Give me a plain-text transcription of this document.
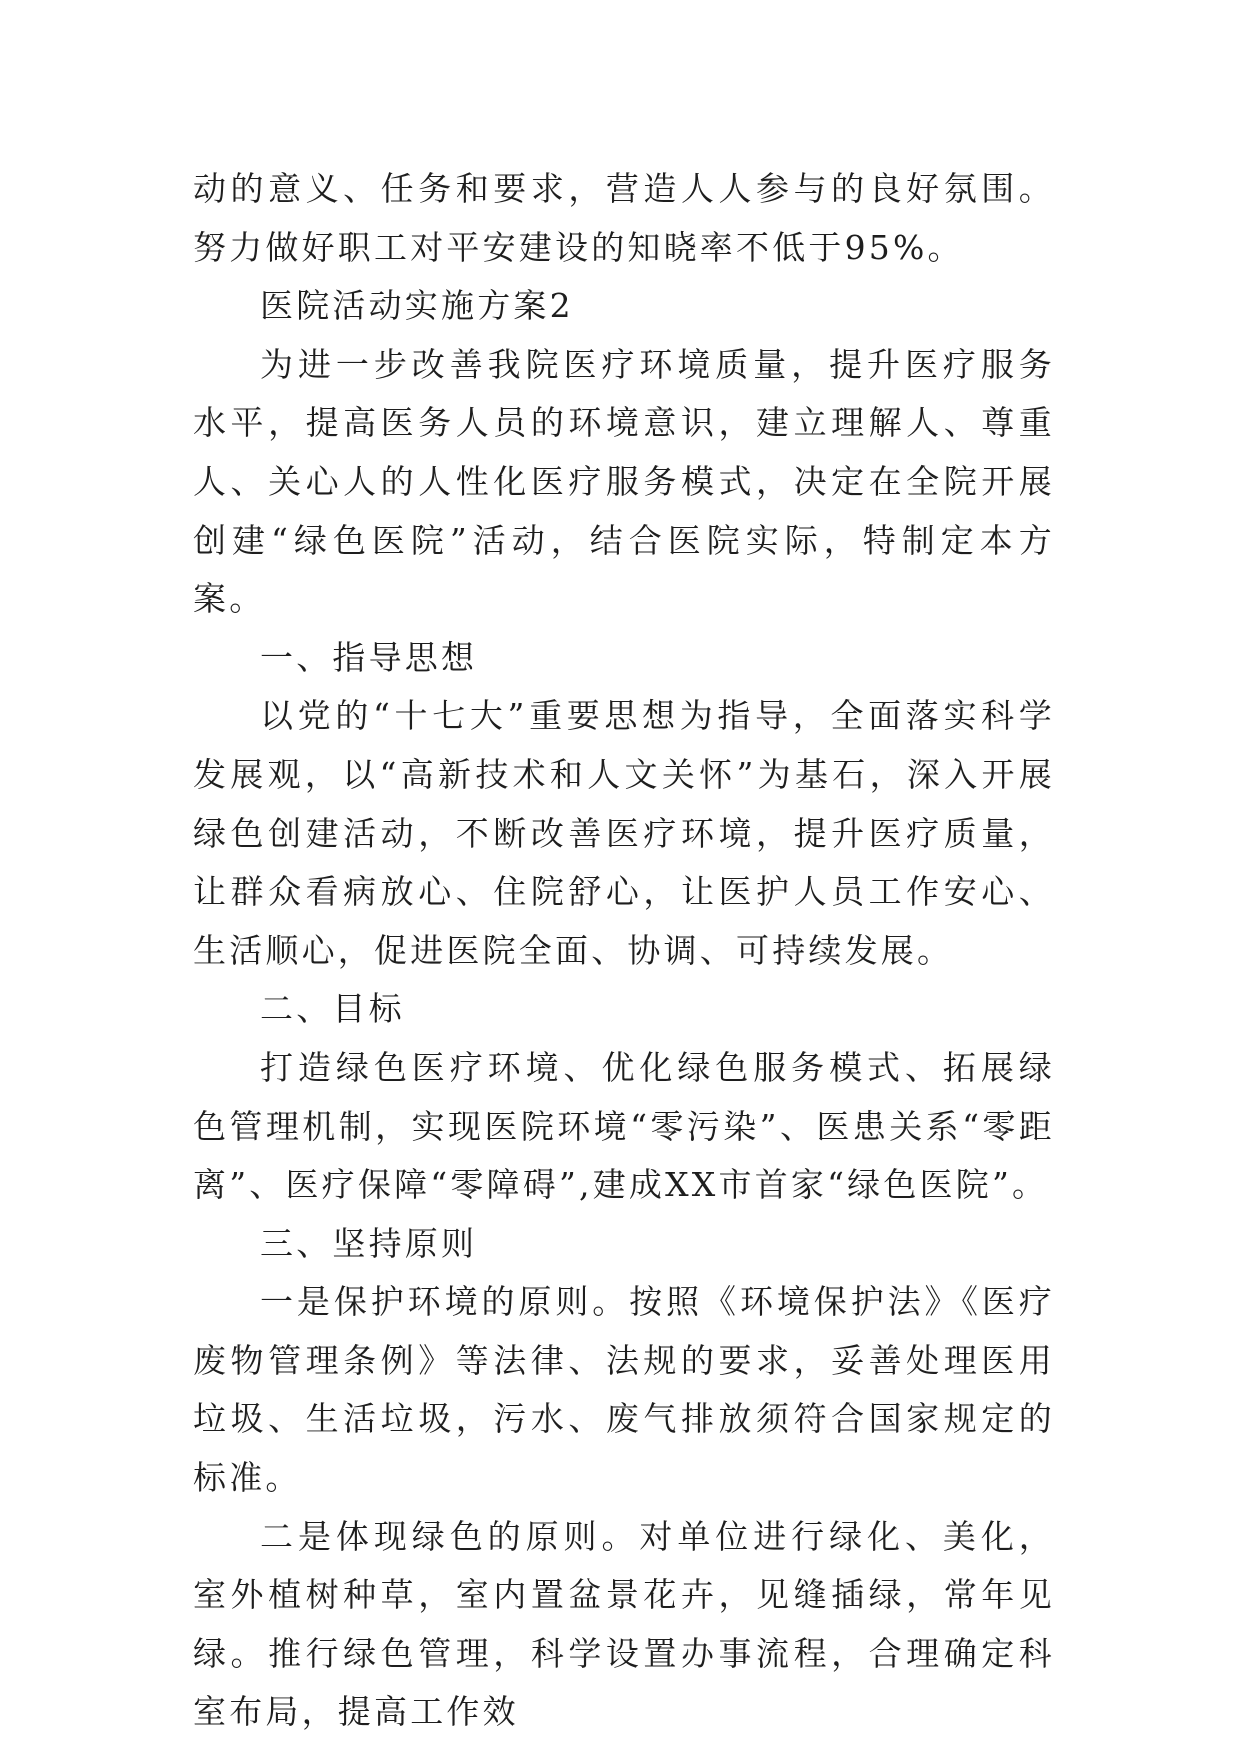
动的意义、任务和要求，营造人人参与的良好氛围。努力做好职工对平安建设的知晓率不低于95%。

医院活动实施方案2

为进一步改善我院医疗环境质量，提升医疗服务水平，提高医务人员的环境意识，建立理解人、尊重人、关心人的人性化医疗服务模式，决定在全院开展创建“绿色医院”活动，结合医院实际，特制定本方案。

一、指导思想

以党的“十七大”重要思想为指导，全面落实科学发展观，以“高新技术和人文关怀”为基石，深入开展绿色创建活动，不断改善医疗环境，提升医疗质量，让群众看病放心、住院舒心，让医护人员工作安心、生活顺心，促进医院全面、协调、可持续发展。

二、目标

打造绿色医疗环境、优化绿色服务模式、拓展绿色管理机制，实现医院环境“零污染”、医患关系“零距离”、医疗保障“零障碍”,建成XX市首家“绿色医院”。

三、坚持原则

一是保护环境的原则。按照《环境保护法》《医疗废物管理条例》等法律、法规的要求，妥善处理医用垃圾、生活垃圾，污水、废气排放须符合国家规定的标准。

二是体现绿色的原则。对单位进行绿化、美化，室外植树种草，室内置盆景花卉，见缝插绿，常年见绿。推行绿色管理，科学设置办事流程，合理确定科室布局，提高工作效
